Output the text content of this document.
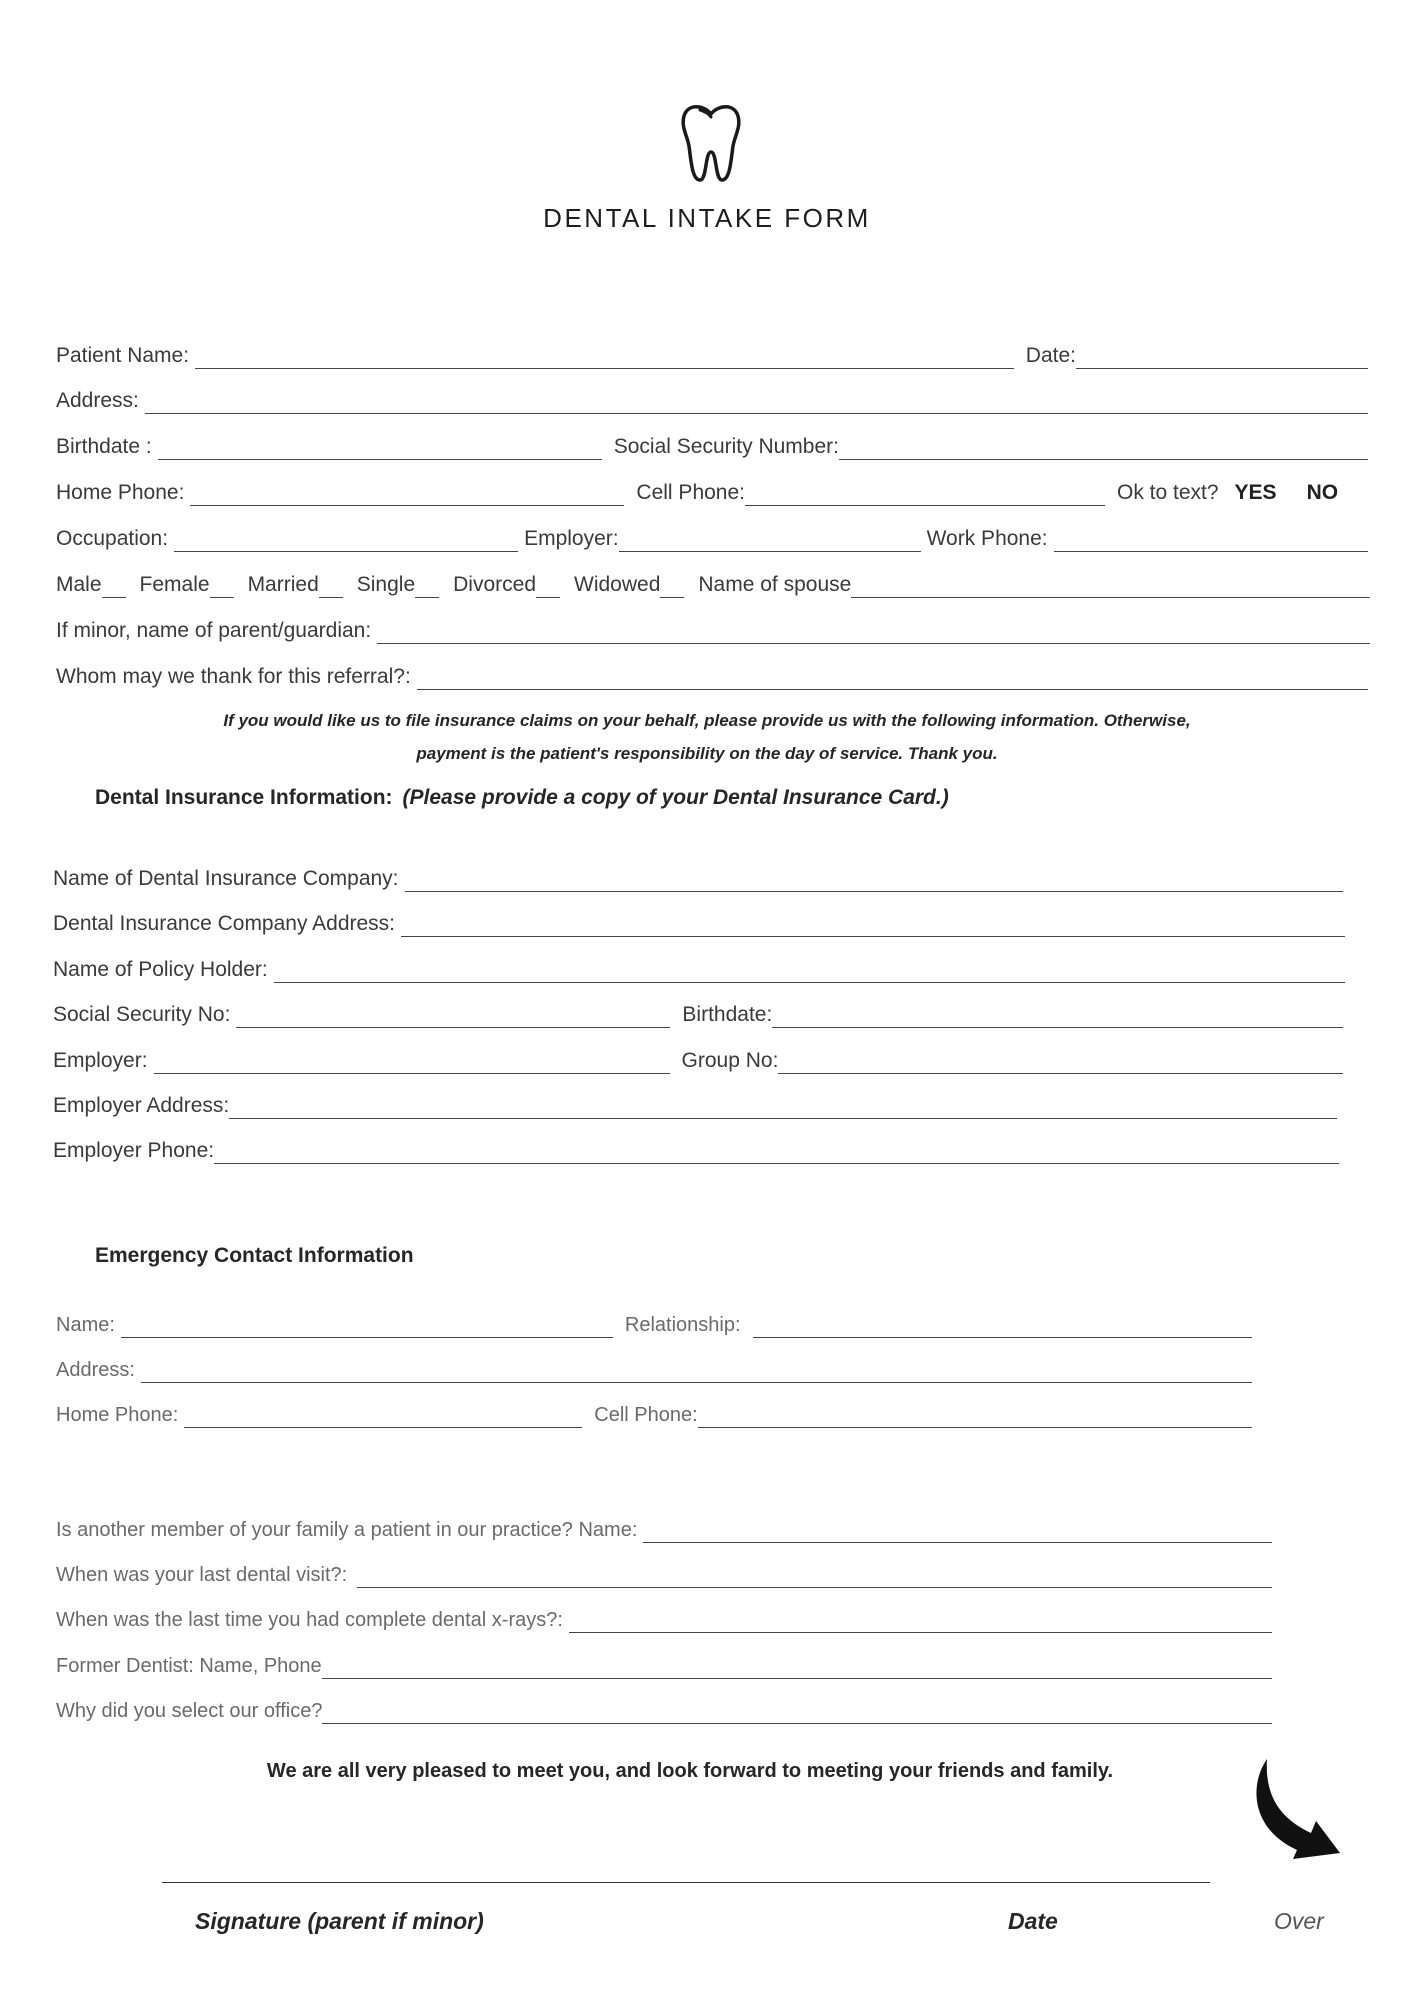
DENTAL INTAKE FORM
Patient Name:	Date:
Address:
Birthdate :	Social Security Number:
Home Phone:	Cell Phone:	Ok to text? YES NO
Occupation:	Employer:	Work Phone:
Male Female Married Single Divorced Widowed Name of spouse
If minor, name of parent/guardian:
Whom may we thank for this referral?:
If you would like us to file insurance claims on your behalf, please provide us with the following information. Otherwise,
payment is the patient's responsibility on the day of service. Thank you.
Dental Insurance Information: (Please provide a copy of your Dental Insurance Card.)
Name of Dental Insurance Company:
Dental Insurance Company Address:
Name of Policy Holder:
Social Security No:	Birthdate:
Employer:	Group No:
Employer Address:
Employer Phone:
Emergency Contact Information
Name:	Relationship:
Address:
Home Phone:	Cell Phone:
Is another member of your family a patient in our practice? Name:
When was your last dental visit?:
When was the last time you had complete dental x-rays?:
Former Dentist: Name, Phone
Why did you select our office?
We are all very pleased to meet you, and look forward to meeting your friends and family.
Signature (parent if minor)	Date	Over
